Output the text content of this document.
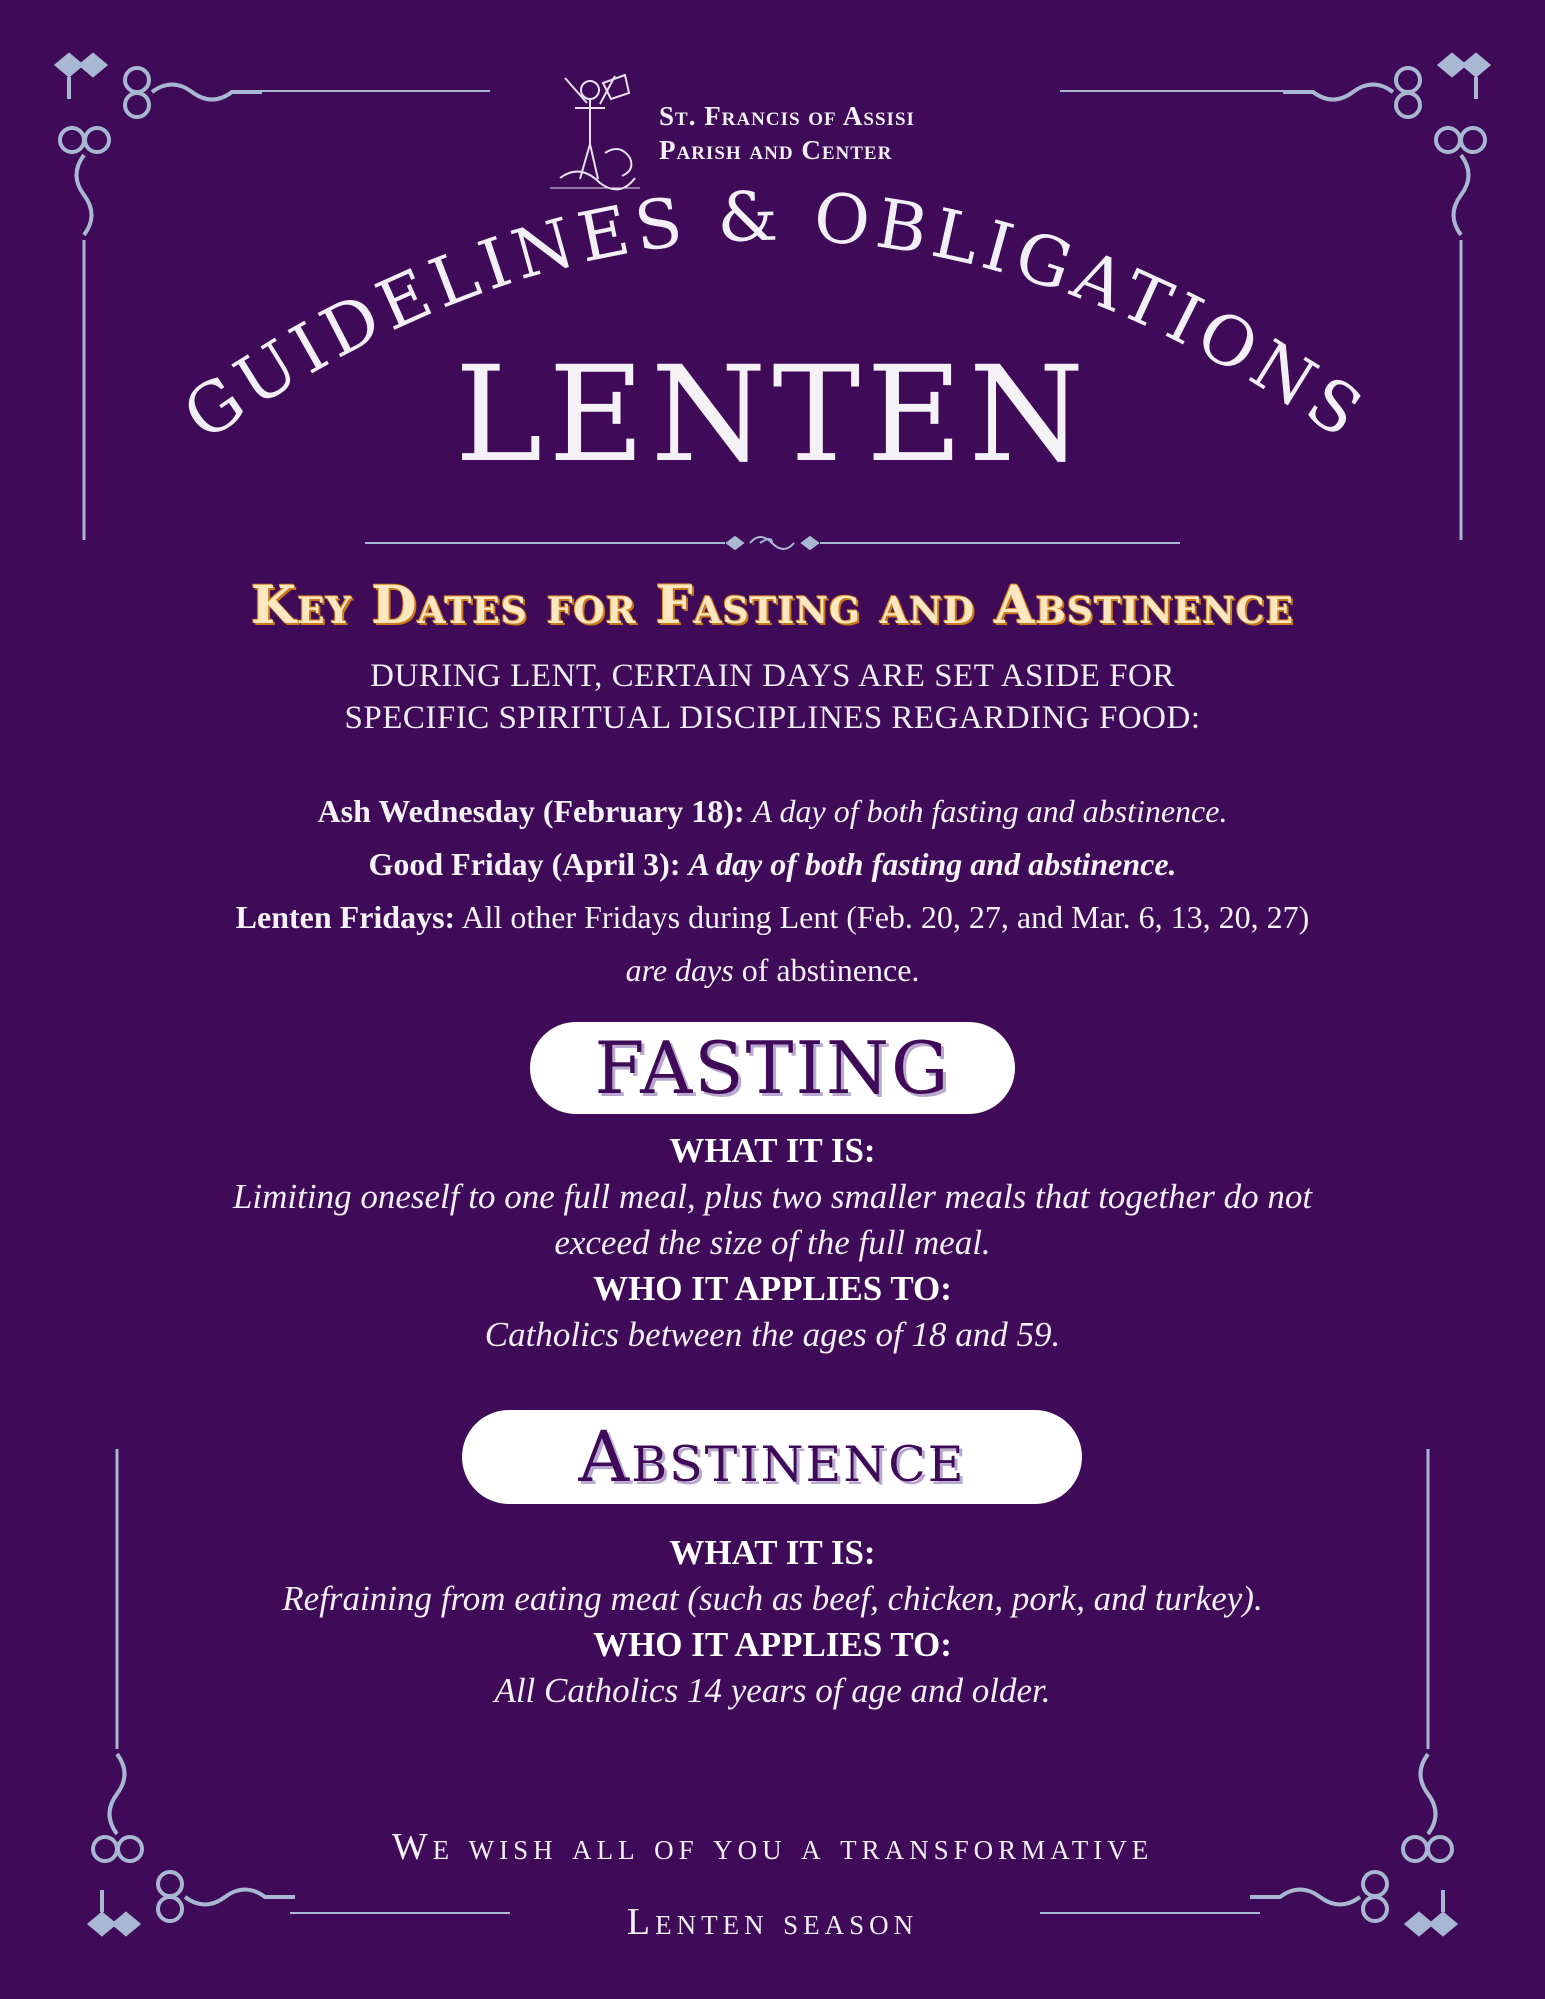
St. Francis of Assisi
Parish and Center
GUIDELINES & OBLIGATIONS
LENTEN
Key Dates for Fasting and Abstinence
DURING LENT, CERTAIN DAYS ARE SET ASIDE FOR
SPECIFIC SPIRITUAL DISCIPLINES REGARDING FOOD:
Ash Wednesday (February 18): A day of both fasting and abstinence.
Good Friday (April 3): A day of both fasting and abstinence.
Lenten Fridays: All other Fridays during Lent (Feb. 20, 27, and Mar. 6, 13, 20, 27)
are days of abstinence.
FASTING
WHAT IT IS:
Limiting oneself to one full meal, plus two smaller meals that together do not
exceed the size of the full meal.
WHO IT APPLIES TO:
Catholics between the ages of 18 and 59.
Abstinence
WHAT IT IS:
Refraining from eating meat (such as beef, chicken, pork, and turkey).
WHO IT APPLIES TO:
All Catholics 14 years of age and older.
We wish all of you a transformative
Lenten season
